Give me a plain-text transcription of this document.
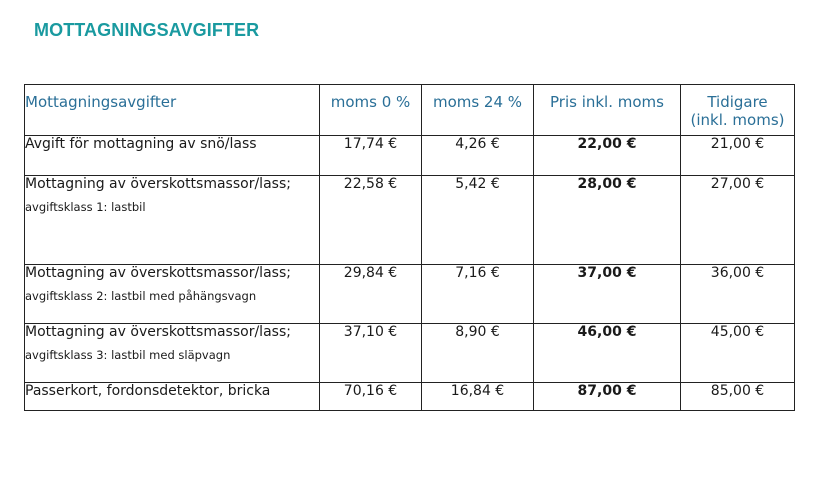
MOTTAGNINGSAVGIFTER
Mottagningsavgifter	moms 0 %	moms 24 %	Pris inkl. moms	Tidigare
(inkl. moms)

Avgift för mottagning av snö/lass	17,74 €	4,26 €	22,00 €	21,00 €

Mottagning av överskottsmassor/lass;
avgiftsklass 1: lastbil	22,58 €	5,42 €	28,00 €	27,00 €

Mottagning av överskottsmassor/lass;
avgiftsklass 2: lastbil med påhängsvagn	29,84 €	7,16 €	37,00 €	36,00 €

Mottagning av överskottsmassor/lass;
avgiftsklass 3: lastbil med släpvagn	37,10 €	8,90 €	46,00 €	45,00 €

Passerkort, fordonsdetektor, bricka	70,16 €	16,84 €	87,00 €	85,00 €
